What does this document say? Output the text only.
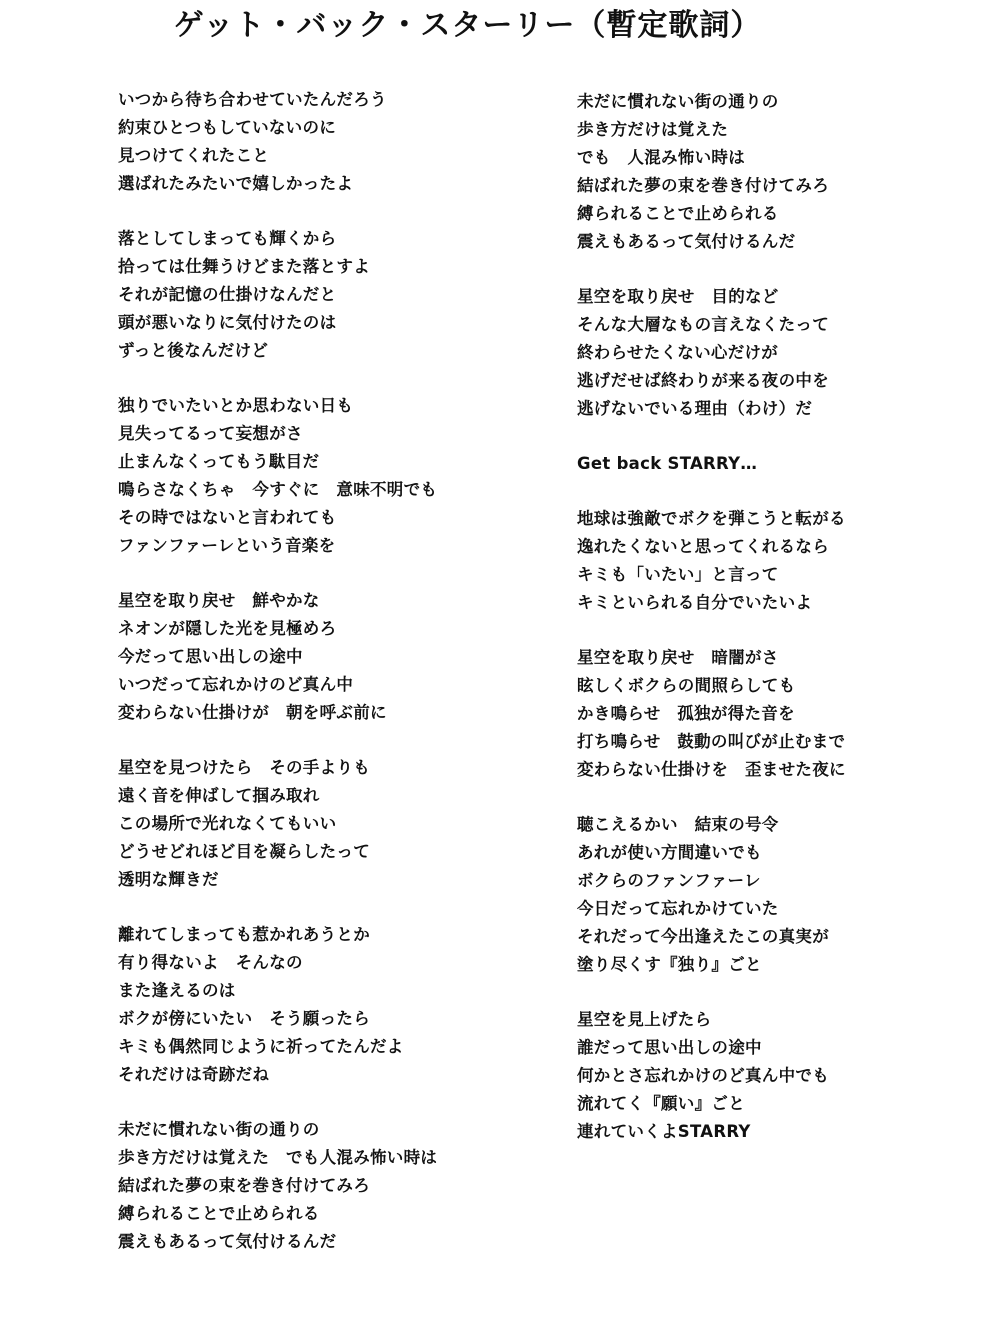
ゲット・バック・スターリー（暫定歌詞）
いつから待ち合わせていたんだろう
約束ひとつもしていないのに
見つけてくれたこと
選ばれたみたいで嬉しかったよ
落としてしまっても輝くから
拾っては仕舞うけどまた落とすよ
それが記憶の仕掛けなんだと
頭が悪いなりに気付けたのは
ずっと後なんだけど
独りでいたいとか思わない日も
見失ってるって妄想がさ
止まんなくってもう駄目だ
鳴らさなくちゃ　今すぐに　意味不明でも
その時ではないと言われても
ファンファーレという音楽を
星空を取り戻せ　鮮やかな
ネオンが隠した光を見極めろ
今だって思い出しの途中
いつだって忘れかけのど真ん中
変わらない仕掛けが　朝を呼ぶ前に
星空を見つけたら　その手よりも
遠く音を伸ばして掴み取れ
この場所で光れなくてもいい
どうせどれほど目を凝らしたって
透明な輝きだ
離れてしまっても惹かれあうとか
有り得ないよ　そんなの
また逢えるのは
ボクが傍にいたい　そう願ったら
キミも偶然同じように祈ってたんだよ
それだけは奇跡だね
未だに慣れない街の通りの
歩き方だけは覚えた　でも人混み怖い時は
結ばれた夢の束を巻き付けてみろ
縛られることで止められる
震えもあるって気付けるんだ
未だに慣れない街の通りの
歩き方だけは覚えた
でも　人混み怖い時は
結ばれた夢の束を巻き付けてみろ
縛られることで止められる
震えもあるって気付けるんだ
星空を取り戻せ　目的など
そんな大層なもの言えなくたって
終わらせたくない心だけが
逃げだせば終わりが来る夜の中を
逃げないでいる理由（わけ）だ
Get back STARRY…
地球は強敵でボクを弾こうと転がる
逸れたくないと思ってくれるなら
キミも「いたい」と言って
キミといられる自分でいたいよ
星空を取り戻せ　暗闇がさ
眩しくボクらの間照らしても
かき鳴らせ　孤独が得た音を
打ち鳴らせ　鼓動の叫びが止むまで
変わらない仕掛けを　歪ませた夜に
聴こえるかい　結束の号令
あれが使い方間違いでも
ボクらのファンファーレ
今日だって忘れかけていた
それだって今出逢えたこの真実が
塗り尽くす『独り』ごと
星空を見上げたら
誰だって思い出しの途中
何かとさ忘れかけのど真ん中でも
流れてく『願い』ごと
連れていくよSTARRY
